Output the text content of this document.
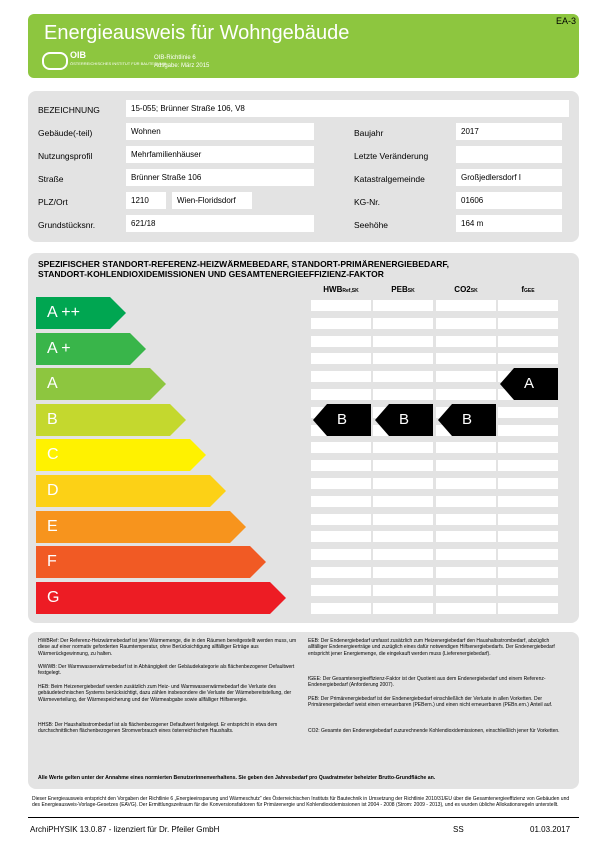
Energieausweis für Wohngebäude
OIB
ÖSTERREICHISCHES INSTITUT FÜR BAUTECHNIK
OIB-Richtlinie 6
Ausgabe: März 2015
EA-3
BEZEICHNUNG	15-055; Brünner Straße 106, V8
Gebäude(-teil)	Wohnen	Baujahr	2017
Nutzungsprofil	Mehrfamilienhäuser	Letzte Veränderung
Straße	Brünner Straße 106	Katastralgemeinde	Großjedlersdorf I
PLZ/Ort	1210	Wien-Floridsdorf	KG-Nr.	01606
Grundstücksnr.	621/18	Seehöhe	164 m
SPEZIFISCHER STANDORT-REFERENZ-HEIZWÄRMEBEDARF, STANDORT-PRIMÄRENERGIEBEDARF,
STANDORT-KOHLENDIOXIDEMISSIONEN UND GESAMTENERGIEEFFIZIENZ-FAKTOR
HWBRef,SK	PEBSK	CO2SK	fGEE
A ++
A +
A
B
C
D
E
F
G
B	B	B
A
HWBRef: Der Referenz-Heizwärmebedarf ist jene Wärmemenge, die in den Räumen bereitgestellt werden muss, um diese auf einer normativ geforderten Raumtemperatur, ohne Berücksichtigung allfälliger Erträge aus Wärmerückgewinnung, zu halten.
WWWB: Der Warmwasserwärmebedarf ist in Abhängigkeit der Gebäudekategorie als flächenbezogener Defaultwert festgelegt.
HEB: Beim Heizenergiebedarf werden zusätzlich zum Heiz- und Warmwasserwärmebedarf die Verluste des gebäudetechnischen Systems berücksichtigt, dazu zählen insbesondere die Verluste der Wärmebereitstellung, der Wärmeverteilung, der Wärmespeicherung und der Wärmeabgabe sowie allfälliger Hilfsenergie.
HHSB: Der Haushaltsstrombedarf ist als flächenbezogener Defaultwert festgelegt. Er entspricht in etwa dem durchschnittlichen flächenbezogenen Stromverbrauch eines österreichischen Haushalts.
EEB: Der Endenergiebedarf umfasst zusätzlich zum Heizenergiebedarf den Haushaltsstrombedarf, abzüglich allfälliger Endenergieerträge und zuzüglich eines dafür notwendigen Hilfsenergiebedarfs. Der Endenergiebedarf entspricht jener Energiemenge, die eingekauft werden muss (Lieferenergiebedarf).
fGEE: Der Gesamtenergieeffizienz-Faktor ist der Quotient aus dem Endenergiebedarf und einem Referenz-Endenergiebedarf (Anforderung 2007).
PEB: Der Primärenergiebedarf ist der Endenergiebedarf einschließlich der Verluste in allen Vorketten. Der Primärenergiebedarf weist einen erneuerbaren (PEBern.) und einen nicht erneuerbaren (PEBn.ern.) Anteil auf.
CO2: Gesamte den Endenergiebedarf zuzurechnende Kohlendioxidemissionen, einschließlich jener für Vorketten.
Alle Werte gelten unter der Annahme eines normierten Benutzerinnenverhaltens. Sie geben den Jahresbedarf pro Quadratmeter beheizter Brutto-Grundfläche an.
Dieser Energieausweis entspricht den Vorgaben der Richtlinie 6 „Energieeinsparung und Wärmeschutz“ des Österreichischen Instituts für Bautechnik in Umsetzung der Richtlinie 2010/31/EU über die Gesamtenergieeffizienz von Gebäuden und des Energieausweis-Vorlage-Gesetzes (EAVG). Der Ermittlungszeitraum für die Konversionsfaktoren für Primärenergie und Kohlendioxidemissionen ist 2004 - 2008 (Strom: 2009 - 2013), und es wurden übliche Allokationsregeln unterstellt.
ArchiPHYSIK 13.0.87 - lizenziert für Dr. Pfeiler GmbH	SS	01.03.2017
